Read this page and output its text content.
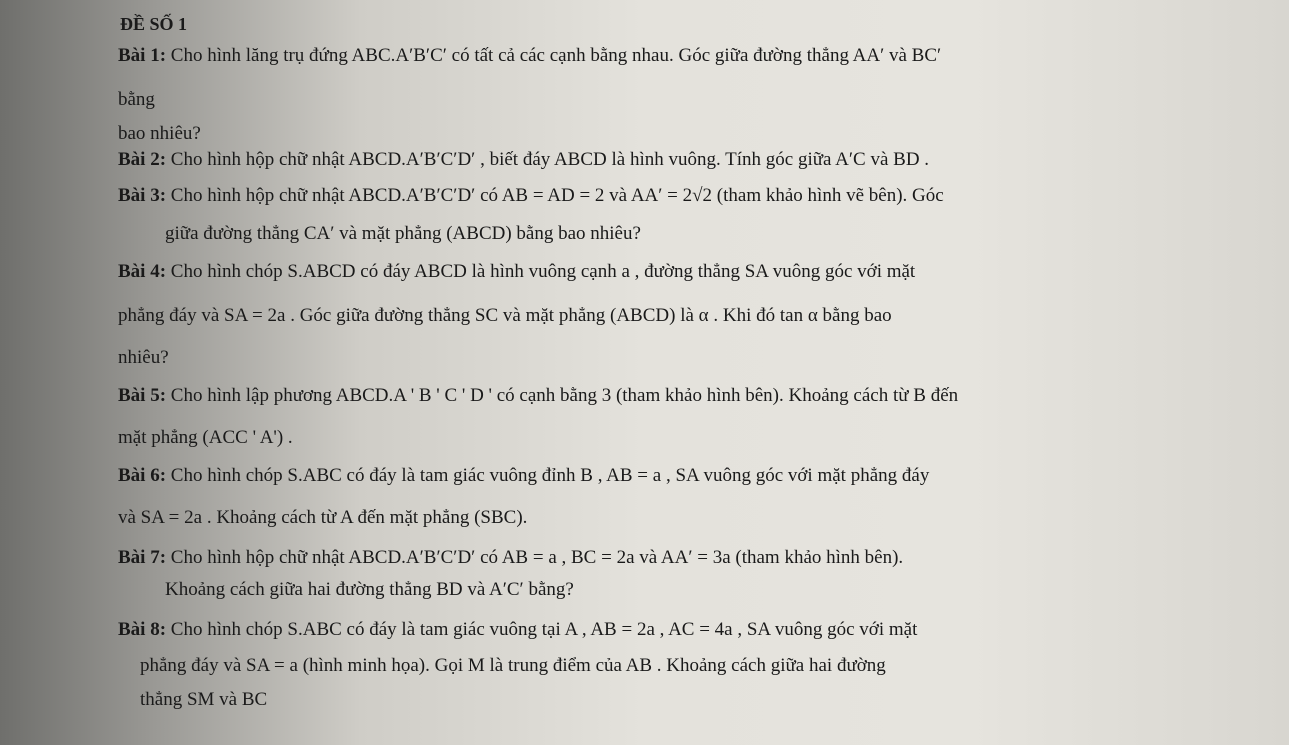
ĐỀ SỐ 1
Bài 1: Cho hình lăng trụ đứng ABC.A′B′C′ có tất cả các cạnh bằng nhau. Góc giữa đường thẳng AA′ và BC′
bằng
bao nhiêu?
Bài 2: Cho hình hộp chữ nhật ABCD.A′B′C′D′ , biết đáy ABCD là hình vuông. Tính góc giữa A′C và BD .
Bài 3: Cho hình hộp chữ nhật ABCD.A′B′C′D′ có AB = AD = 2 và AA′ = 2√2 (tham khảo hình vẽ bên). Góc
giữa đường thẳng CA′ và mặt phẳng (ABCD) bằng bao nhiêu?
Bài 4: Cho hình chóp S.ABCD có đáy ABCD là hình vuông cạnh a , đường thẳng SA vuông góc với mặt
phẳng đáy và SA = 2a . Góc giữa đường thẳng SC và mặt phẳng (ABCD) là α . Khi đó tan α bằng bao
nhiêu?
Bài 5: Cho hình lập phương ABCD.A ' B ' C ' D ' có cạnh bằng 3 (tham khảo hình bên). Khoảng cách từ B đến
mặt phẳng (ACC ' A') .
Bài 6: Cho hình chóp S.ABC có đáy là tam giác vuông đỉnh B , AB = a , SA vuông góc với mặt phẳng đáy
và SA = 2a . Khoảng cách từ A đến mặt phẳng (SBC).
Bài 7: Cho hình hộp chữ nhật ABCD.A′B′C′D′ có AB = a , BC = 2a và AA′ = 3a (tham khảo hình bên).
Khoảng cách giữa hai đường thẳng BD và A′C′ bằng?
Bài 8: Cho hình chóp S.ABC có đáy là tam giác vuông tại A , AB = 2a , AC = 4a , SA vuông góc với mặt
phẳng đáy và SA = a (hình minh họa). Gọi M là trung điểm của AB . Khoảng cách giữa hai đường
thẳng SM và BC
